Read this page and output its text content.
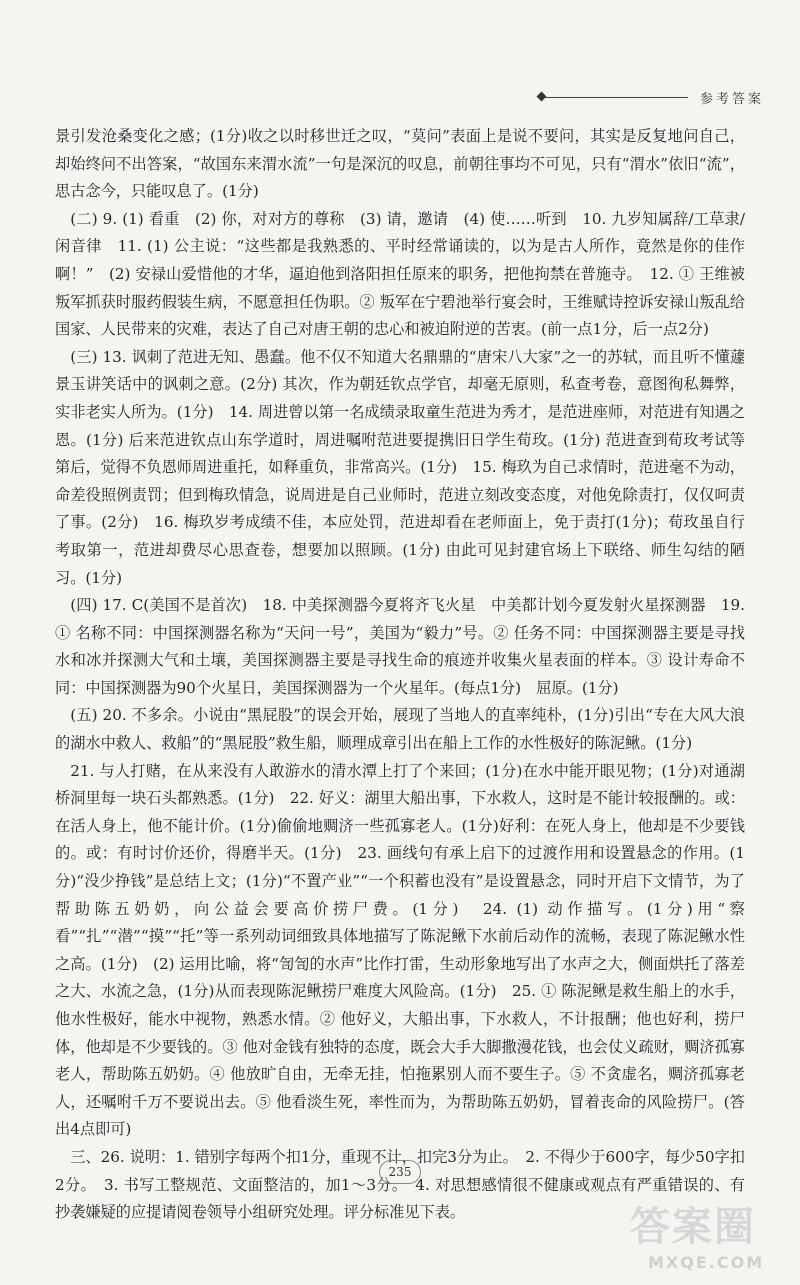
参考答案

景引发沧桑变化之感；(1分)收之以时移世迁之叹，“莫问”表面上是说不要问，其实是反复地问自己，却始终问不出答案，“故国东来渭水流”一句是深沉的叹息，前朝往事均不可见，只有“渭水”依旧“流”，思古念今，只能叹息了。(1分)

(二) 9. (1) 看重　(2) 你，对对方的尊称　(3) 请，邀请　(4) 使……听到　10. 九岁知属辞/工草隶/闲音律　11. (1) 公主说：“这些都是我熟悉的、平时经常诵读的，以为是古人所作，竟然是你的佳作啊！”　(2) 安禄山爱惜他的才华，逼迫他到洛阳担任原来的职务，把他拘禁在普施寺。　12. ① 王维被叛军抓获时服药假装生病，不愿意担任伪职。② 叛军在宁碧池举行宴会时，王维赋诗控诉安禄山叛乱给国家、人民带来的灾难，表达了自己对唐王朝的忠心和被迫附逆的苦衷。(前一点1分，后一点2分)

(三) 13. 讽刺了范进无知、愚蠢。他不仅不知道大名鼎鼎的“唐宋八大家”之一的苏轼，而且听不懂蘧景玉讲笑话中的讽刺之意。(2分) 其次，作为朝廷钦点学官，却毫无原则，私查考卷，意图徇私舞弊，实非老实人所为。(1分)　14. 周进曾以第一名成绩录取童生范进为秀才，是范进座师，对范进有知遇之恩。(1分) 后来范进钦点山东学道时，周进嘱咐范进要提携旧日学生荀玫。(1分) 范进查到荀玫考试等第后，觉得不负恩师周进重托，如释重负，非常高兴。(1分)　15. 梅玖为自己求情时，范进毫不为动，命差役照例责罚；但到梅玖情急，说周进是自己业师时，范进立刻改变态度，对他免除责打，仅仅呵责了事。(2分)　16. 梅玖岁考成绩不佳，本应处罚，范进却看在老师面上，免于责打(1分)；荀玫虽自行考取第一，范进却费尽心思查卷，想要加以照顾。(1分) 由此可见封建官场上下联络、师生勾结的陋习。(1分)

(四) 17. C(美国不是首次)　18. 中美探测器今夏将齐飞火星　中美都计划今夏发射火星探测器　19. ① 名称不同：中国探测器名称为“天问一号”，美国为“毅力”号。② 任务不同：中国探测器主要是寻找水和冰并探测大气和土壤，美国探测器主要是寻找生命的痕迹并收集火星表面的样本。③ 设计寿命不同：中国探测器为90个火星日，美国探测器为一个火星年。(每点1分)　屈原。(1分)

(五) 20. 不多余。小说由“黑屁股”的误会开始，展现了当地人的直率纯朴，(1分)引出“专在大风大浪的湖水中救人、救船”的“黑屁股”救生船，顺理成章引出在船上工作的水性极好的陈泥鳅。(1分)

21. 与人打赌，在从来没有人敢游水的清水潭上打了个来回；(1分)在水中能开眼见物；(1分)对通湖桥洞里每一块石头都熟悉。(1分)　22. 好义：湖里大船出事，下水救人，这时是不能计较报酬的。或：在活人身上，他不能计价。(1分)偷偷地赒济一些孤寡老人。(1分)好利：在死人身上，他却是不少要钱的。或：有时讨价还价，得磨半天。(1分)　23. 画线句有承上启下的过渡作用和设置悬念的作用。(1分)“没少挣钱”是总结上文；(1分)“不置产业”“一个积蓄也没有”是设置悬念，同时开启下文情节，为了帮助陈五奶奶，向公益会要高价捞尸费。(1分)　24. (1) 动作描写。(1分)用“察看”“扎”“潜”“摸”“托”等一系列动词细致具体地描写了陈泥鳅下水前后动作的流畅，表现了陈泥鳅水性之高。(1分)　(2) 运用比喻，将“訇訇的水声”比作打雷，生动形象地写出了水声之大，侧面烘托了落差之大、水流之急，(1分)从而表现陈泥鳅捞尸难度大风险高。(1分)　25. ① 陈泥鳅是救生船上的水手，他水性极好，能水中视物，熟悉水情。② 他好义，大船出事，下水救人，不计报酬；他也好利，捞尸体，他却是不少要钱的。③ 他对金钱有独特的态度，既会大手大脚撒漫花钱，也会仗义疏财，赒济孤寡老人，帮助陈五奶奶。④ 他放旷自由，无牵无挂，怕拖累别人而不要生子。⑤ 不贪虚名，赒济孤寡老人，还嘱咐千万不要说出去。⑤ 他看淡生死，率性而为，为帮助陈五奶奶，冒着丧命的风险捞尸。(答出4点即可)

三、26. 说明：1. 错别字每两个扣1分，重现不计，扣完3分为止。　2. 不得少于600字，每少50字扣2分。　3. 书写工整规范、文面整洁的，加1～3分。　4. 对思想感情很不健康或观点有严重错误的、有抄袭嫌疑的应提请阅卷领导小组研究处理。评分标准见下表。

235
答案圈
MXQE.COM
